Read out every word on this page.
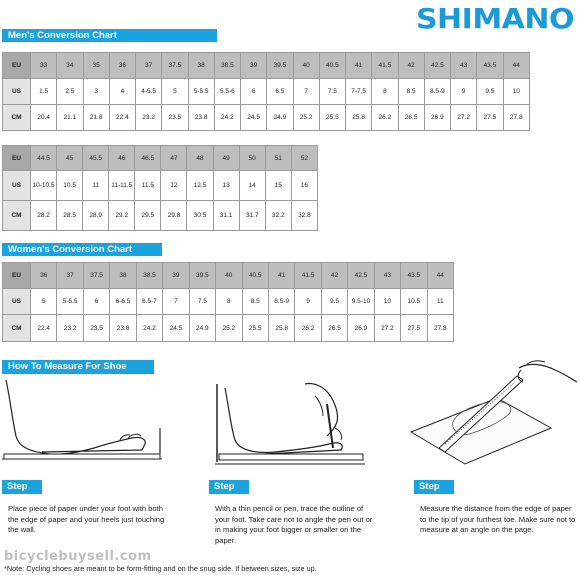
SHIMANO
Men's Conversion Chart
EU	33	34	35	36	37	37.5	38	38.5	39	39.5	40	40.5	41	41.5	42	42.5	43	43.5	44
US	1.5	2.5	3	4	4-5.5	5	5-5.5	5.5-6	6	6.5	7	7.5	7-7.5	8	8.5	8.5-9	9	9.5	10
CM	20.4	21.1	21.8	22.4	23.2	23.5	23.8	24.2	24.5	24.9	25.2	25.5	25.8	26.2	26.5	26.9	27.2	27.5	27.8
EU	44.5	45	45.5	46	46.5	47	48	49	50	51	52
US	10-10.5	10.5	11	11-11.5	11.5	12	12.5	13	14	15	16
CM	28.2	28.5	28.9	29.2	29.5	29.8	30.5	31.1	31.7	32.2	32.8
Women's Conversion Chart
EU	36	37	37.5	38	38.5	39	39.5	40	40.5	41	41.5	42	42.5	43	43.5	44
US	5	5-5.5	6	6-6.5	6.5-7	7	7.5	8	8.5	8.5-9	9	9.5	9.5-10	10	10.5	11
CM	22.4	23.2	23.5	23.8	24.2	24.5	24.9	25.2	25.5	25.8	26.2	26.5	26.9	27.2	27.5	27.8
How To Measure For Shoe Size
Step 1:
Place piece of paper under your foot with both the edge of paper and your heels just touching the wall.
Step 2:
With a thin pencil or pen, trace the outline of your foot. Take care not to angle the pen out or in making your foot bigger or smaller on the paper.
Step 3:
Measure the distance from the edge of paper to the tip of your furthest toe. Make sure not to measure at an angle on the page.
bicyclebuysell.com
*Note: Cycling shoes are meant to be form-fitting and on the snug side. If between sizes, size up.
